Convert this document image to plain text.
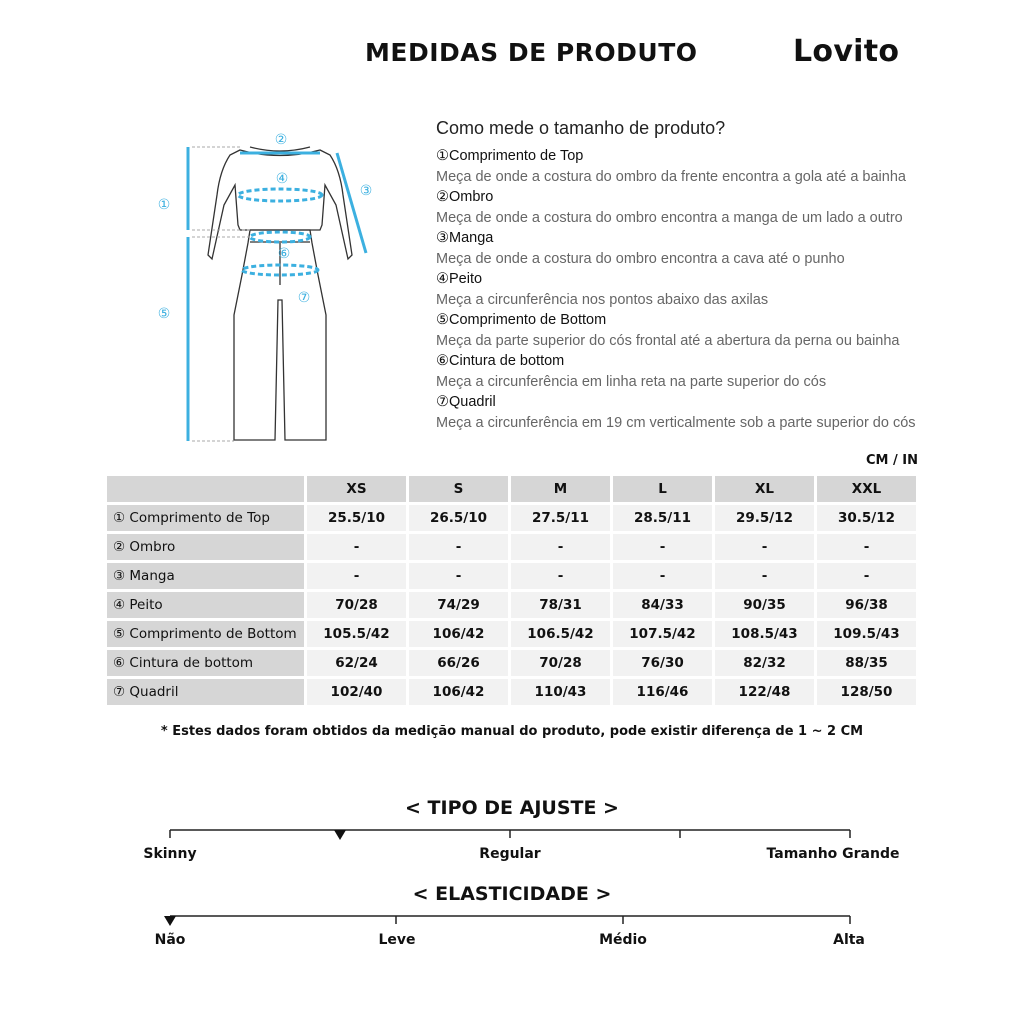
MEDIDAS DE PRODUTO	Lovito
①
②
③
④
⑤
⑥
⑦
Como mede o tamanho de produto?
①Comprimento de Top
Meça de onde a costura do ombro da frente encontra a gola até a bainha
②Ombro
Meça de onde a costura do ombro encontra a manga de um lado a outro
③Manga
Meça de onde a costura do ombro encontra a cava até o punho
④Peito
Meça a circunferência nos pontos abaixo das axilas
⑤Comprimento de Bottom
Meça da parte superior do cós frontal até a abertura da perna ou bainha
⑥Cintura de bottom
Meça a circunferência em linha reta na parte superior do cós
⑦Quadril
Meça a circunferência em 19 cm verticalmente sob a parte superior do cós
CM / IN
	XS	S	M	L	XL	XXL
① Comprimento de Top	25.5/10	26.5/10	27.5/11	28.5/11	29.5/12	30.5/12
② Ombro	-	-	-	-	-	-
③ Manga	-	-	-	-	-	-
④ Peito	70/28	74/29	78/31	84/33	90/35	96/38
⑤ Comprimento de Bottom	105.5/42	106/42	106.5/42	107.5/42	108.5/43	109.5/43
⑥ Cintura de bottom	62/24	66/26	70/28	76/30	82/32	88/35
⑦ Quadril	102/40	106/42	110/43	116/46	122/48	128/50
* Estes dados foram obtidos da medição manual do produto, pode existir diferença de 1 ~ 2 CM
< TIPO DE AJUSTE >
Skinny	Regular	Tamanho Grande
< ELASTICIDADE >
Não	Leve	Médio	Alta
